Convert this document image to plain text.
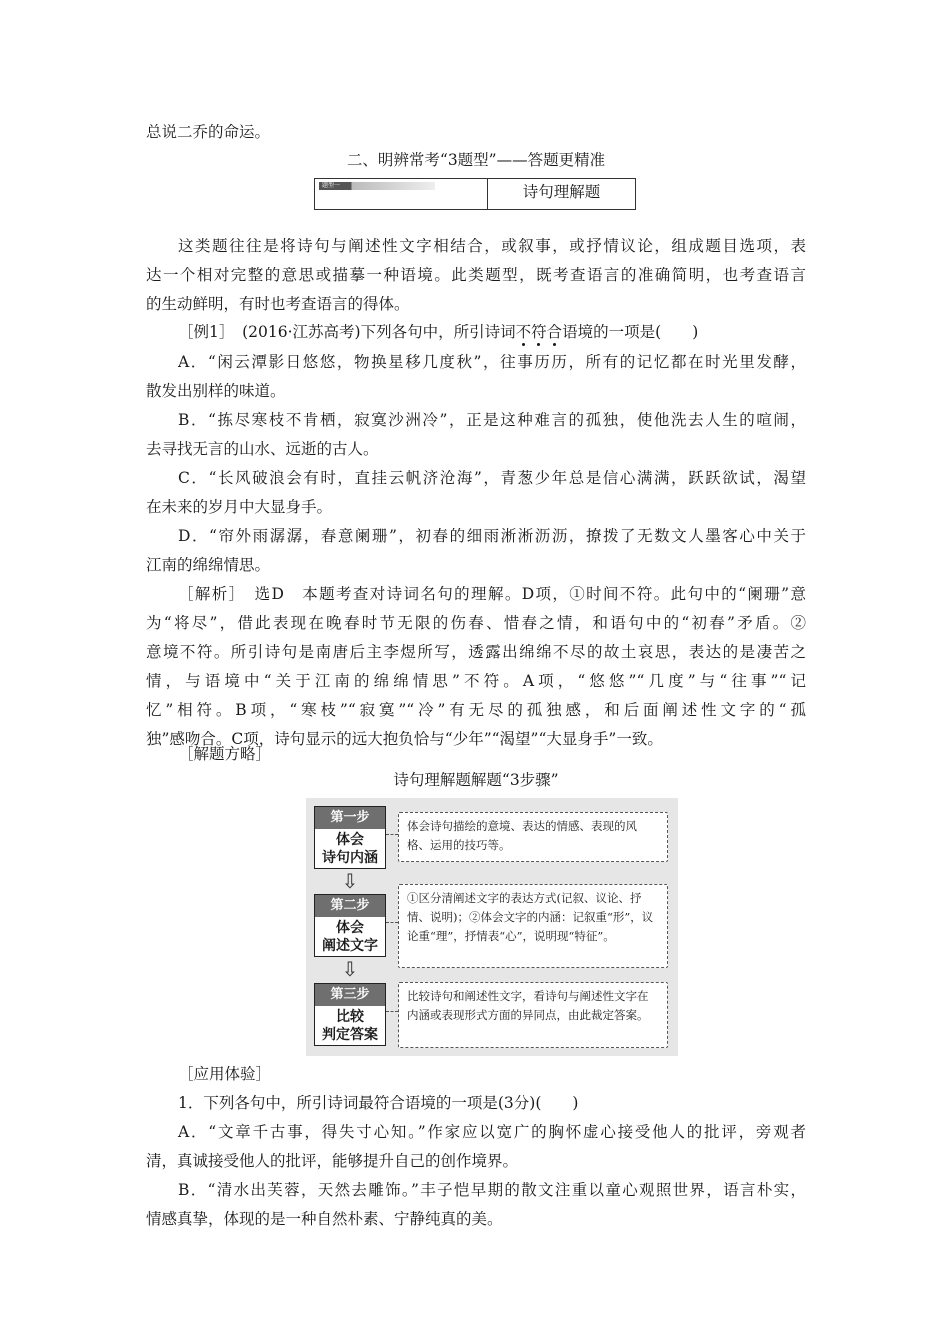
总说二乔的命运。
二、明辨常考“3题型”——答题更精准
题型一	诗句理解题
这类题往往是将诗句与阐述性文字相结合，或叙事，或抒情议论，组成题目选项，表
达一个相对完整的意思或描摹一种语境。此类题型，既考查语言的准确简明，也考查语言
的生动鲜明，有时也考查语言的得体。
［例1］　(2016·江苏高考)下列各句中，所引诗词不符合语境的一项是(　　)
A．“闲云潭影日悠悠，物换星移几度秋”，往事历历，所有的记忆都在时光里发酵，
散发出别样的味道。
B．“拣尽寒枝不肯栖，寂寞沙洲冷”，正是这种难言的孤独，使他洗去人生的喧闹，
去寻找无言的山水、远逝的古人。
C．“长风破浪会有时，直挂云帆济沧海”，青葱少年总是信心满满，跃跃欲试，渴望
在未来的岁月中大显身手。
D．“帘外雨潺潺，春意阑珊”，初春的细雨淅淅沥沥，撩拨了无数文人墨客心中关于
江南的绵绵情思。
［解析］　选D　本题考查对诗词名句的理解。D项，①时间不符。此句中的“阑珊”意
为“将尽”，借此表现在晚春时节无限的伤春、惜春之情，和语句中的“初春”矛盾。②
意境不符。所引诗句是南唐后主李煜所写，透露出绵绵不尽的故土哀思，表达的是凄苦之
情，与语境中“关于江南的绵绵情思”不符。A项，“悠悠”“几度”与“往事”“记
忆”相符。B项，“寒枝”“寂寞”“冷”有无尽的孤独感，和后面阐述性文字的“孤
独”感吻合。C项，诗句显示的远大抱负恰与“少年”“渴望”“大显身手”一致。
［解题方略］
诗句理解题解题“3步骤”
第一步
体会
诗句内涵
体会诗句描绘的意境、表达的情感、表现的风格、运用的技巧等。
⇩
第二步
体会
阐述文字
①区分清阐述文字的表达方式(记叙、议论、抒情、说明)；②体会文字的内涵：记叙重“形”，议论重“理”，抒情表“心”，说明现“特征”。
⇩
第三步
比较
判定答案
比较诗句和阐述性文字，看诗句与阐述性文字在内涵或表现形式方面的异同点，由此裁定答案。
［应用体验］
1．下列各句中，所引诗词最符合语境的一项是(3分)(　　)
A．“文章千古事，得失寸心知。”作家应以宽广的胸怀虚心接受他人的批评，旁观者
清，真诚接受他人的批评，能够提升自己的创作境界。
B．“清水出芙蓉，天然去雕饰。”丰子恺早期的散文注重以童心观照世界，语言朴实，
情感真挚，体现的是一种自然朴素、宁静纯真的美。
